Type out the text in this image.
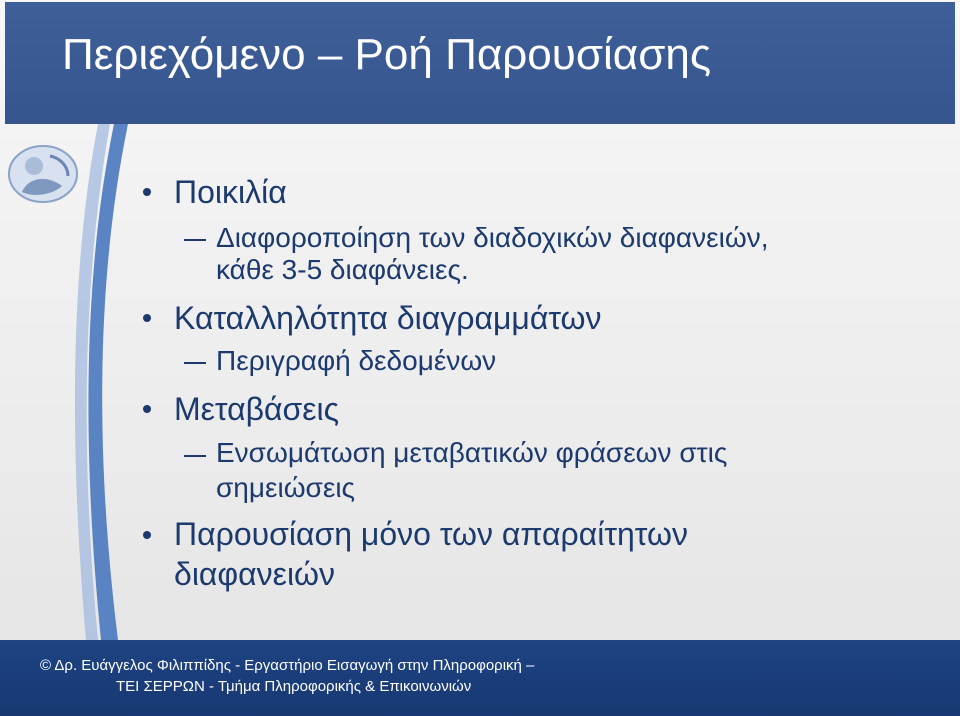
Περιεχόμενο – Ροή Παρουσίασης

Ποικιλία

Διαφοροποίηση των διαδοχικών διαφανειών,

κάθε 3-5 διαφάνειες.

Καταλληλότητα διαγραμμάτων

Περιγραφή δεδομένων

Μεταβάσεις

Ενσωμάτωση μεταβατικών φράσεων στις

σημειώσεις

Παρουσίαση μόνο των απαραίτητων

διαφανειών

© Δρ. Ευάγγελος Φιλιππίδης - Εργαστήριο Εισαγωγή στην Πληροφορική –

ΤΕΙ ΣΕΡΡΩΝ - Τμήμα Πληροφορικής & Επικοινωνιών
